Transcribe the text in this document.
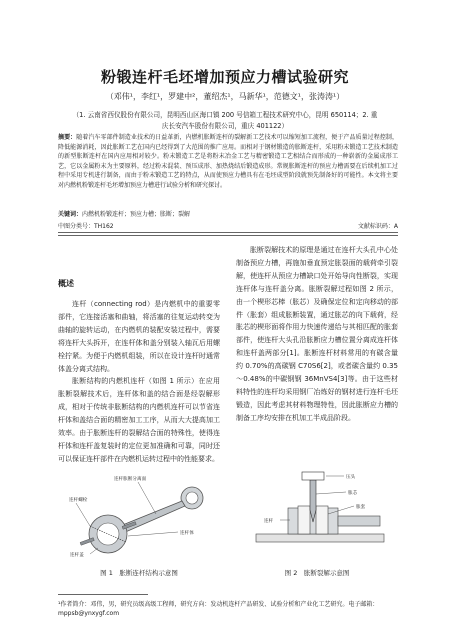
粉锻连杆毛坯增加预应力槽试验研究
（邓伟¹，李红¹，罗建中²，董绍杰¹，马新华¹，范德文¹，张涛涛¹）
（1. 云南省西仪股份有限公司，昆明西山区海口镇 200 号信箱工程技术研究中心，昆明 650114；2. 重庆长安汽车股份有限公司，重庆 401122）
摘要：随着汽车零部件制造业技术的日益革新，内燃机胀断连杆的裂解新工艺技术可以缩短加工流程，便于产品质量过程控制，降低能源消耗，因此胀断工艺在国内已经得到了大范围的推广应用。而相对于钢材锻造的胀断连杆，采用粉末锻造工艺技术制造的新型胀断连杆在国内应用相对较少。粉末锻造工艺是将粉末冶金工艺与精密锻造工艺相结合而形成的一种崭新的金属成形工艺，它以金属粉末为主要原料，经过粉末混装、预压成形、加热烧结后锻造成形。常规胀断连杆的预应力槽需要在后续机加工过程中采用专机进行制备，而由于粉末锻造工艺的特点，从而使预应力槽具有在毛坯成型阶段就预先制备好的可能性。本文将主要对内燃机粉锻连杆毛坯增加预应力槽进行试验分析和研究探讨。
关键词：内燃机粉锻连杆；预应力槽；胀断；裂解
中图分类号：TH162	文献标识码：A
概述

连杆（connecting rod）是内燃机中的重要零部件，它连接活塞和曲轴，将活塞的往复运动转变为曲轴的旋转运动，在内燃机的装配安装过程中，需要将连杆大头拆开，在连杆体和盖分别装入轴瓦后用螺栓拧紧。为便于内燃机组装，所以在设计连杆时通常体盖分离式结构。

胀断结构的内燃机连杆（如图 1 所示）在应用胀断裂解技术后，连杆体和盖的结合面是经裂解形成，相对于传统非胀断结构的内燃机连杆可以节省连杆体和盖结合面的精密加工工序，从而大大提高加工效率。由于胀断连杆的裂解结合面的特殊性，使得连杆体和连杆盖复装时的定位更加准确和可靠，同时还可以保证连杆部件在内燃机运转过程中的性能要求。

胀断裂解技术的原理是通过在连杆大头孔中心处制备预应力槽，再施加垂直预定胀裂面的载荷牵引裂解，使连杆从预应力槽缺口处开始导向性断裂，实现连杆体与连杆盖分离。胀断裂解过程如图 2 所示，由一个楔形芯棒（胀芯）及确保定位和定向移动的部件（胀套）组成胀断装置，通过胀芯的向下载荷，经胀芯的楔形面将作用力快速传递给与其相匹配的胀套部件，使连杆大头孔沿胀断应力槽位置分离成连杆体和连杆盖两部分[1]。胀断连杆材料常用的有碳含量约 0.70%的高碳钢 C70S6[2]，或者碳含量约 0.35～0.48%的中碳钢钢 36MnVS4[3]等。由于这些材料特性的连杆均采用钢厂冶炼好的钢材进行连杆毛坯锻造，因此考虑其材料物理特性，因此胀断应力槽的制备工序均安排在机加工半成品阶段。

连杆胀断分离面
连杆螺栓
连杆体
连杆盖
图 1　胀断连杆结构示意图
压头
胀芯
胀套
连杆
图 2　胀断裂解示意图
¹作者简介：邓伟，男，研究员级高级工程师，研究方向：发动机连杆产品研发、试验分析和产业化工艺研究。电子邮箱：mppsb@ynxygf.com
